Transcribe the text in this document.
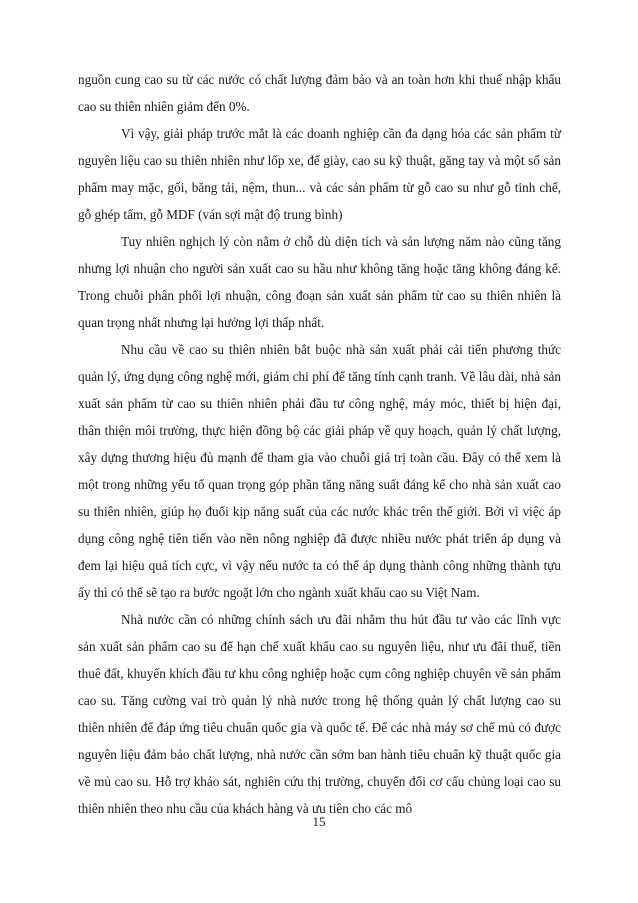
nguồn cung cao su từ các nước có chất lượng đảm bảo và an toàn hơn khi thuế nhập khẩu cao su thiên nhiên giảm đến 0%.

Vì vậy, giải pháp trước mắt là các doanh nghiệp cần đa dạng hóa các sản phẩm từ nguyên liệu cao su thiên nhiên như lốp xe, đế giày, cao su kỹ thuật, găng tay và một số sản phẩm may mặc, gối, băng tải, nệm, thun... và các sản phẩm từ gỗ cao su như gỗ tinh chế, gỗ ghép tấm, gỗ MDF (ván sợi mật độ trung bình)

Tuy nhiên nghịch lý còn nằm ở chỗ dù diện tích và sản lượng năm nào cũng tăng nhưng lợi nhuận cho người sản xuất cao su hầu như không tăng hoặc tăng không đáng kể. Trong chuỗi phân phối lợi nhuận, công đoạn sản xuất sản phẩm từ cao su thiên nhiên là quan trọng nhất nhưng lại hưởng lợi thấp nhất.

Nhu cầu về cao su thiên nhiên bắt buộc nhà sản xuất phải cải tiến phương thức quản lý, ứng dụng công nghệ mới, giảm chi phí để tăng tính cạnh tranh. Về lâu dài, nhà sản xuất sản phẩm từ cao su thiên nhiên phải đầu tư công nghệ, máy móc, thiết bị hiện đại, thân thiện môi trường, thực hiện đồng bộ các giải pháp về quy hoạch, quản lý chất lượng, xây dựng thương hiệu đủ mạnh để tham gia vào chuỗi giá trị toàn cầu. Đây có thể xem là một trong những yếu tố quan trọng góp phần tăng năng suất đáng kể cho nhà sản xuất cao su thiên nhiên, giúp họ đuổi kịp năng suất của các nước khác trên thế giới. Bởi vì việc áp dụng công nghệ tiên tiến vào nền nông nghiệp đã được nhiều nước phát triển áp dụng và đem lại hiệu quả tích cực, vì vậy nếu nước ta có thể áp dụng thành công những thành tựu ấy thì có thể sẽ tạo ra bước ngoặt lớn cho ngành xuất khẩu cao su Việt Nam.

Nhà nước cần có những chính sách ưu đãi nhằm thu hút đầu tư vào các lĩnh vực sản xuất sản phẩm cao su để hạn chế xuất khẩu cao su nguyên liệu, như ưu đãi thuế, tiền thuê đất, khuyến khích đầu tư khu công nghiệp hoặc cụm công nghiệp chuyên về sản phẩm cao su. Tăng cường vai trò quản lý nhà nước trong hệ thống quản lý chất lượng cao su thiên nhiên để đáp ứng tiêu chuẩn quốc gia và quốc tế. Để các nhà máy sơ chế mủ có được nguyên liệu đảm bảo chất lượng, nhà nước cần sớm ban hành tiêu chuẩn kỹ thuật quốc gia về mủ cao su. Hỗ trợ khảo sát, nghiên cứu thị trường, chuyển đổi cơ cấu chủng loại cao su thiên nhiên theo nhu cầu của khách hàng và ưu tiên cho các mô

15
